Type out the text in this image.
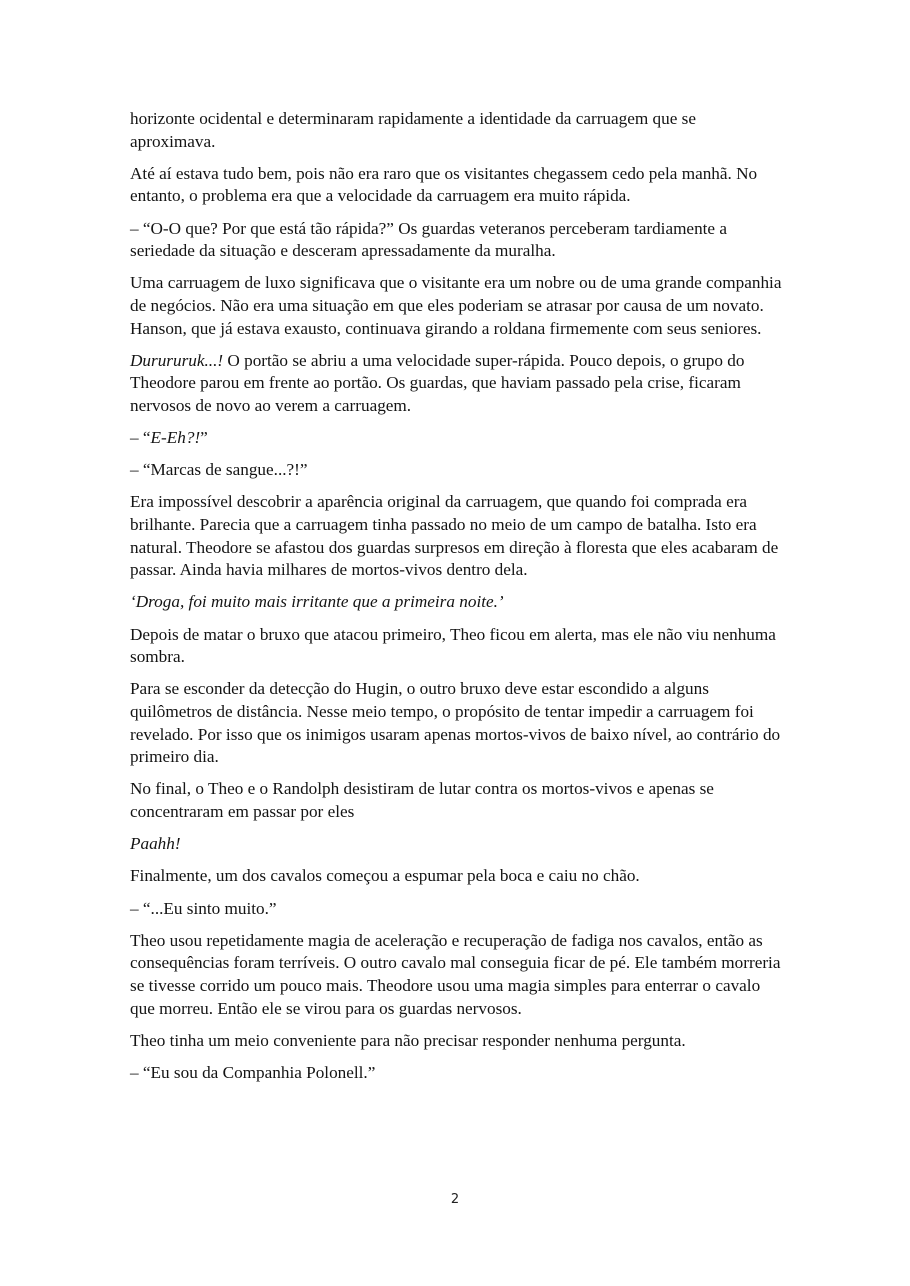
horizonte ocidental e determinaram rapidamente a identidade da carruagem que se aproximava.

Até aí estava tudo bem, pois não era raro que os visitantes chegassem cedo pela manhã. No entanto, o problema era que a velocidade da carruagem era muito rápida.

– “O-O que? Por que está tão rápida?” Os guardas veteranos perceberam tardiamente a seriedade da situação e desceram apressadamente da muralha.

Uma carruagem de luxo significava que o visitante era um nobre ou de uma grande companhia de negócios. Não era uma situação em que eles poderiam se atrasar por causa de um novato. Hanson, que já estava exausto, continuava girando a roldana firmemente com seus seniores.

Durururuk...! O portão se abriu a uma velocidade super-rápida. Pouco depois, o grupo do Theodore parou em frente ao portão. Os guardas, que haviam passado pela crise, ficaram nervosos de novo ao verem a carruagem.

– “E-Eh?!”

– “Marcas de sangue...?!”

Era impossível descobrir a aparência original da carruagem, que quando foi comprada era brilhante. Parecia que a carruagem tinha passado no meio de um campo de batalha. Isto era natural. Theodore se afastou dos guardas surpresos em direção à floresta que eles acabaram de passar. Ainda havia milhares de mortos-vivos dentro dela.

‘Droga, foi muito mais irritante que a primeira noite.’

Depois de matar o bruxo que atacou primeiro, Theo ficou em alerta, mas ele não viu nenhuma sombra.

Para se esconder da detecção do Hugin, o outro bruxo deve estar escondido a alguns quilômetros de distância. Nesse meio tempo, o propósito de tentar impedir a carruagem foi revelado. Por isso que os inimigos usaram apenas mortos-vivos de baixo nível, ao contrário do primeiro dia.

No final, o Theo e o Randolph desistiram de lutar contra os mortos-vivos e apenas se concentraram em passar por eles

Paahh!

Finalmente, um dos cavalos começou a espumar pela boca e caiu no chão.

– “...Eu sinto muito.”

Theo usou repetidamente magia de aceleração e recuperação de fadiga nos cavalos, então as consequências foram terríveis. O outro cavalo mal conseguia ficar de pé. Ele também morreria se tivesse corrido um pouco mais. Theodore usou uma magia simples para enterrar o cavalo que morreu. Então ele se virou para os guardas nervosos.

Theo tinha um meio conveniente para não precisar responder nenhuma pergunta.

– “Eu sou da Companhia Polonell.”

2
